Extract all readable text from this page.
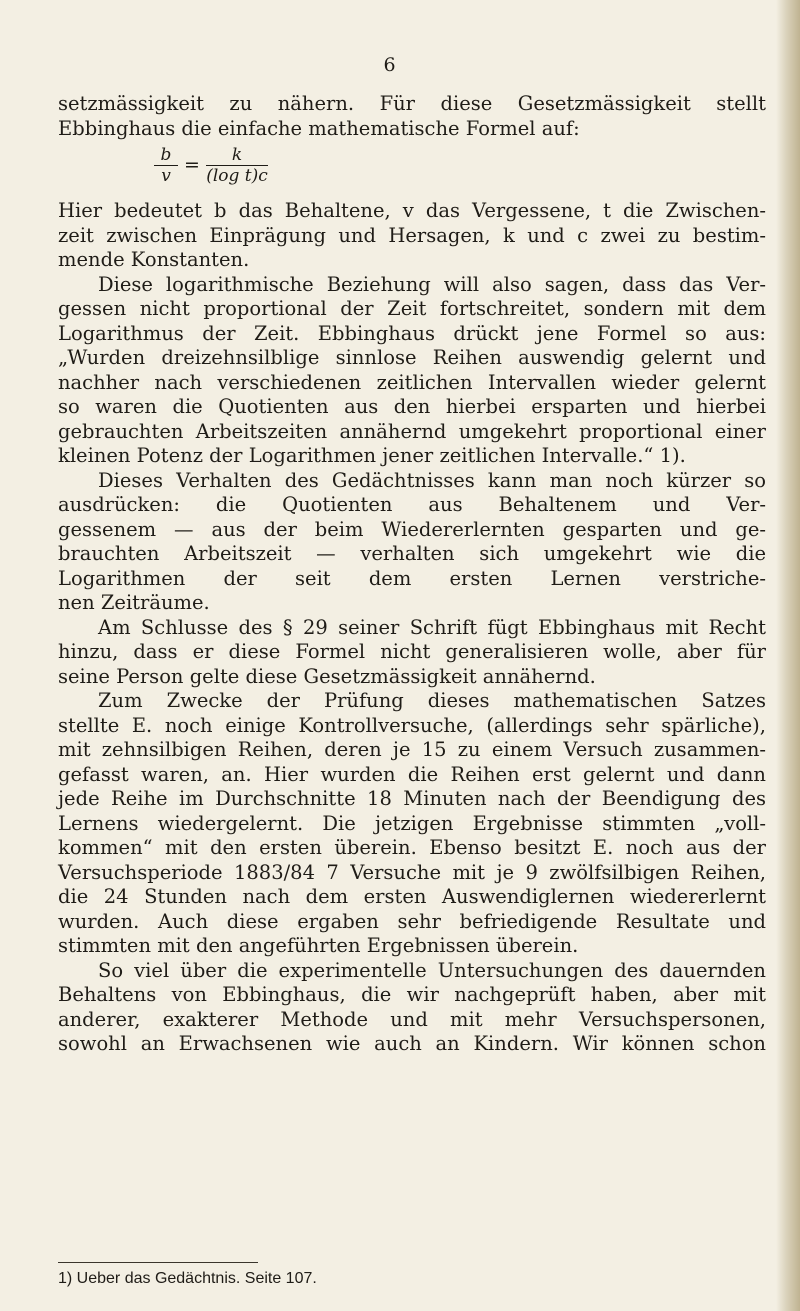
6
setzmässigkeit zu nähern. Für diese Gesetzmässigkeit stellt
Ebbinghaus die einfache mathematische Formel auf:
b
v =	k
(log t)c
Hier bedeutet b das Behaltene, v das Vergessene, t die Zwischen-
zeit zwischen Einprägung und Hersagen, k und c zwei zu bestim-
mende Konstanten.
Diese logarithmische Beziehung will also sagen, dass das Ver-
gessen nicht proportional der Zeit fortschreitet, sondern mit dem
Logarithmus der Zeit. Ebbinghaus drückt jene Formel so aus:
„Wurden dreizehnsilblige sinnlose Reihen auswendig gelernt und
nachher nach verschiedenen zeitlichen Intervallen wieder gelernt
so waren die Quotienten aus den hierbei ersparten und hierbei
gebrauchten Arbeitszeiten annähernd umgekehrt proportional einer
kleinen Potenz der Logarithmen jener zeitlichen Intervalle.“ 1).
Dieses Verhalten des Gedächtnisses kann man noch kürzer so
ausdrücken: die Quotienten aus Behaltenem und Ver-
gessenem — aus der beim Wiedererlernten gesparten und ge-
brauchten Arbeitszeit — verhalten sich umgekehrt wie die
Logarithmen der seit dem ersten Lernen verstriche-
nen Zeiträume.
Am Schlusse des § 29 seiner Schrift fügt Ebbinghaus mit Recht
hinzu, dass er diese Formel nicht generalisieren wolle, aber für
seine Person gelte diese Gesetzmässigkeit annähernd.
Zum Zwecke der Prüfung dieses mathematischen Satzes
stellte E. noch einige Kontrollversuche, (allerdings sehr spärliche),
mit zehnsilbigen Reihen, deren je 15 zu einem Versuch zusammen-
gefasst waren, an. Hier wurden die Reihen erst gelernt und dann
jede Reihe im Durchschnitte 18 Minuten nach der Beendigung des
Lernens wiedergelernt. Die jetzigen Ergebnisse stimmten „voll-
kommen“ mit den ersten überein. Ebenso besitzt E. noch aus der
Versuchsperiode 1883/84 7 Versuche mit je 9 zwölfsilbigen Reihen,
die 24 Stunden nach dem ersten Auswendiglernen wiedererlernt
wurden. Auch diese ergaben sehr befriedigende Resultate und
stimmten mit den angeführten Ergebnissen überein.
So viel über die experimentelle Untersuchungen des dauernden
Behaltens von Ebbinghaus, die wir nachgeprüft haben, aber mit
anderer, exakterer Methode und mit mehr Versuchspersonen,
sowohl an Erwachsenen wie auch an Kindern. Wir können schon
1) Ueber das Gedächtnis. Seite 107.
